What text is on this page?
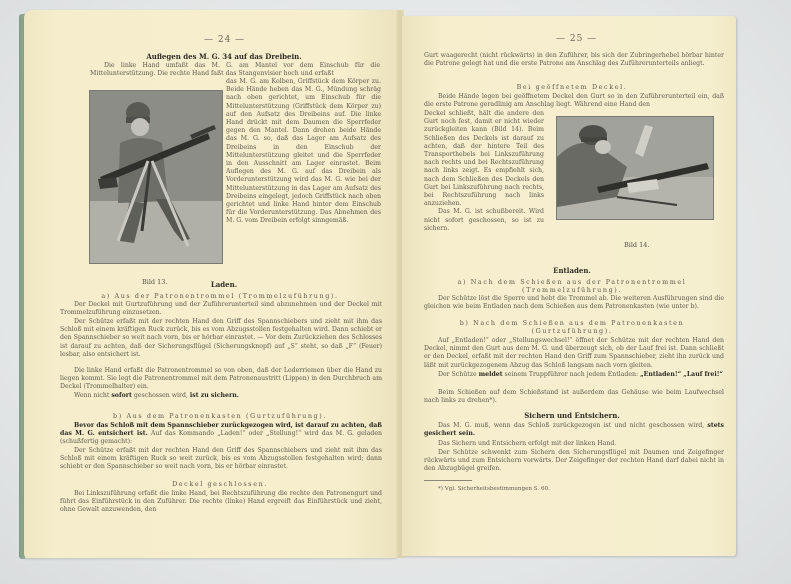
— 24 —
Auflegen des M. G. 34 auf das Dreibein.
Die linke Hand umfaßt das M. G. am Mantel vor dem Einschub für die Mittelunterstützung. Die rechte Hand faßt das Stangenvisier hoch und erfaßt
Bild 13.
das M. G. am Kolben, Griffstück dem Körper zu. Beide Hände heben das M. G., Mündung schräg nach oben gerichtet, um Einschub für die Mittelunterstützung (Griffstück dem Körper zu) auf den Aufsatz des Dreibeins auf. Die linke Hand drückt mit dem Daumen die Sperrfeder gegen den Mantel. Dann drehen beide Hände das M. G. so, daß das Lager am Aufsatz des Dreibeins in den Einschub der Mittelunterstützung gleitet und die Sperrfeder in den Ausschnitt am Lager einrastet. Beim Auflegen des M. G. auf das Dreibein als Vorderunterstützung wird das M. G. wie bei der Mittelunterstützung in das Lager am Aufsatz des Dreibeins eingelegt, jedoch Griffstück nach oben gerichtet und linke Hand hinter dem Einschub für die Vorderunterstützung. Das Abnehmen des M. G. vom Dreibein erfolgt sinngemäß.
Laden.
a) Aus der Patronentrommel (Trommelzuführung).
Der Deckel mit Gurtzuführung und der Zuführerunterteil sind abzunehmen und der Deckel mit Trommelzuführung einzusetzen.
Der Schütze erfaßt mit der rechten Hand den Griff des Spannschiebers und zieht mit ihm das Schloß mit einem kräftigen Ruck zurück, bis es vom Abzugsstollen festgehalten wird. Dann schiebt er den Spannschieber so weit nach vorn, bis er hörbar einrastet. — Vor dem Zurückziehen des Schlosses ist darauf zu achten, daß der Sicherungsflügel (Sicherungsknopf) auf „S“ steht, so daß „F“ (Feuer) lesbar, also entsichert ist.
Die linke Hand erfaßt die Patronentrommel so von oben, daß der Lederriemen über die Hand zu liegen kommt. Sie legt die Patronentrommel mit dem Patronenaustritt (Lippen) in den Durchbruch am Deckel (Trommelhalter) ein.
Wenn nicht sofort geschossen wird, ist zu sichern.
b) Aus dem Patronenkasten (Gurtzuführung).
Bevor das Schloß mit dem Spannschieber zurückgezogen wird, ist darauf zu achten, daß das M. G. entsichert ist. Auf das Kommando „Laden!“ oder „Stellung!“ wird das M. G. geladen (schußfertig gemacht):
Der Schütze erfaßt mit der rechten Hand den Griff des Spannschiebers und zieht mit ihm das Schloß mit einem kräftigen Ruck so weit zurück, bis es vom Abzugsstollen festgehalten wird; dann schiebt er den Spannschieber so weit nach vorn, bis er hörbar einrastet.
Deckel geschlossen.
Bei Linkszuführung erfaßt die linke Hand, bei Rechtszuführung die rechte den Patronengurt und führt das Einführstück in den Zuführer. Die rechte (linke) Hand ergreift das Einführstück und zieht, ohne Gewalt anzuwenden, den
— 25 —
Gurt waagerecht (nicht rückwärts) in den Zuführer, bis sich der Zubringerhebel hörbar hinter die Patrone gelegt hat und die erste Patrone am Anschlag des Zuführerunterteils anliegt.
Bei geöffnetem Deckel.
Beide Hände legen bei geöffnetem Deckel den Gurt so in den Zuführerunterteil ein, daß die erste Patrone geradlinig am Anschlag liegt. Während eine Hand den
Deckel schließt, hält die andere den Gurt noch fest, damit er nicht wieder zurückgleiten kann (Bild 14). Beim Schließen des Deckels ist darauf zu achten, daß der hintere Teil des Transporthebels bei Linkszuführung nach rechts und bei Rechtszuführung nach links zeigt. Es empfiehlt sich, nach dem Schließen des Deckels den Gurt bei Linkszuführung nach rechts, bei Rechtszuführung nach links anzuziehen.

Das M. G. ist schußbereit. Wird nicht sofort geschossen, so ist zu sichern.
Bild 14.
Entladen.
a) Nach dem Schießen aus der Patronentrommel (Trommelzuführung).
Der Schütze löst die Sperre und hebt die Trommel ab. Die weiteren Ausführungen sind die gleichen wie beim Entladen nach dem Schießen aus dem Patronenkasten (wie unter b).
b) Nach dem Schießen aus dem Patronenkasten (Gurtzuführung).
Auf „Entladen!“ oder „Stellungswechsel!“ öffnet der Schütze mit der rechten Hand den Deckel, nimmt den Gurt aus dem M. G. und überzeugt sich, ob der Lauf frei ist. Dann schließt er den Deckel, erfaßt mit der rechten Hand den Griff zum Spannschieber, zieht ihn zurück und läßt mit zurückgezogenem Abzug das Schloß langsam nach vorn gleiten.
Der Schütze meldet seinem Truppführer nach jedem Entladen: „Entladen!“ „Lauf frei!“
Beim Schießen auf dem Schießstand ist außerdem das Gehäuse wie beim Laufwechsel nach links zu drehen*).
Sichern und Entsichern.
Das M. G. muß, wenn das Schloß zurückgezogen ist und nicht geschossen wird, stets gesichert sein.
Das Sichern und Entsichern erfolgt mit der linken Hand.
Der Schütze schwenkt zum Sichern den Sicherungsflügel mit Daumen und Zeigefinger rückwärts und zum Entsichern vorwärts. Der Zeigefinger der rechten Hand darf dabei nicht in den Abzugbügel greifen.
*) Vgl. Sicherheitsbestimmungen S. 60.
